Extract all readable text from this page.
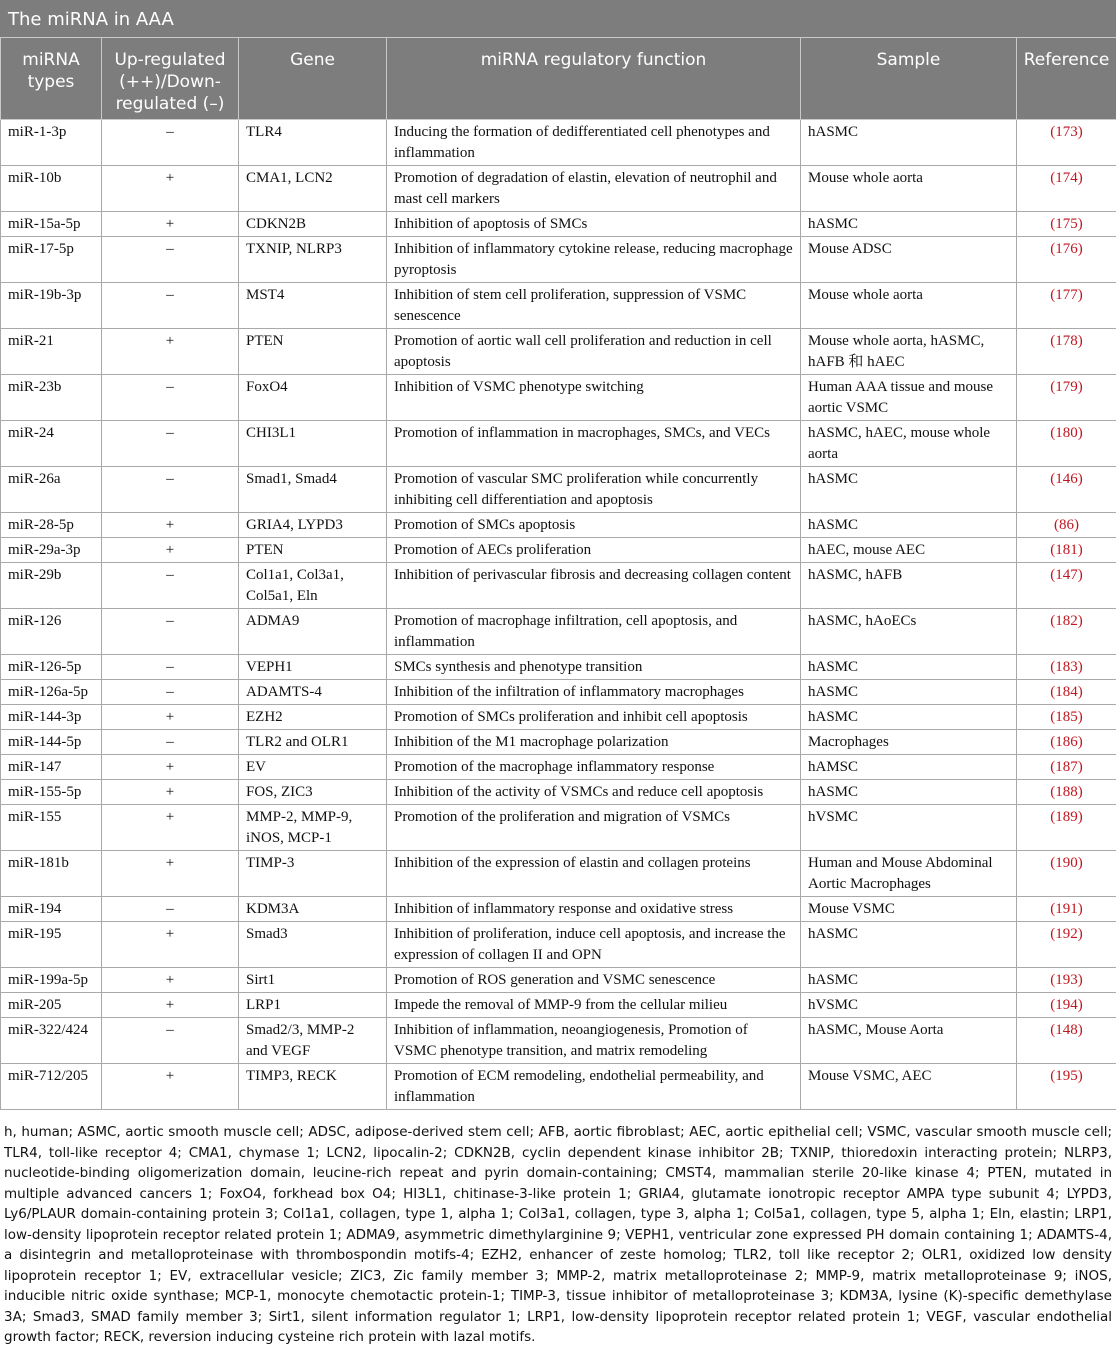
The miRNA in AAA
miRNA types	Up-regulated (++)/Down-regulated (–)	Gene	miRNA regulatory function	Sample	Reference
miR-1-3p	–	TLR4	Inducing the formation of dedifferentiated cell phenotypes and inflammation	hASMC	(173)
miR-10b	+	CMA1, LCN2	Promotion of degradation of elastin, elevation of neutrophil and mast cell markers	Mouse whole aorta	(174)
miR-15a-5p	+	CDKN2B	Inhibition of apoptosis of SMCs	hASMC	(175)
miR-17-5p	–	TXNIP, NLRP3	Inhibition of inflammatory cytokine release, reducing macrophage pyroptosis	Mouse ADSC	(176)
miR-19b-3p	–	MST4	Inhibition of stem cell proliferation, suppression of VSMC senescence	Mouse whole aorta	(177)
miR-21	+	PTEN	Promotion of aortic wall cell proliferation and reduction in cell apoptosis	Mouse whole aorta, hASMC, hAFB 和 hAEC	(178)
miR-23b	–	FoxO4	Inhibition of VSMC phenotype switching	Human AAA tissue and mouse aortic VSMC	(179)
miR-24	–	CHI3L1	Promotion of inflammation in macrophages, SMCs, and VECs	hASMC, hAEC, mouse whole aorta	(180)
miR-26a	–	Smad1, Smad4	Promotion of vascular SMC proliferation while concurrently inhibiting cell differentiation and apoptosis	hASMC	(146)
miR-28-5p	+	GRIA4, LYPD3	Promotion of SMCs apoptosis	hASMC	(86)
miR-29a-3p	+	PTEN	Promotion of AECs proliferation	hAEC, mouse AEC	(181)
miR-29b	–	Col1a1, Col3a1, Col5a1, Eln	Inhibition of perivascular fibrosis and decreasing collagen content	hASMC, hAFB	(147)
miR-126	–	ADMA9	Promotion of macrophage infiltration, cell apoptosis, and inflammation	hASMC, hAoECs	(182)
miR-126-5p	–	VEPH1	SMCs synthesis and phenotype transition	hASMC	(183)
miR-126a-5p	–	ADAMTS-4	Inhibition of the infiltration of inflammatory macrophages	hASMC	(184)
miR-144-3p	+	EZH2	Promotion of SMCs proliferation and inhibit cell apoptosis	hASMC	(185)
miR-144-5p	–	TLR2 and OLR1	Inhibition of the M1 macrophage polarization	Macrophages	(186)
miR-147	+	EV	Promotion of the macrophage inflammatory response	hAMSC	(187)
miR-155-5p	+	FOS, ZIC3	Inhibition of the activity of VSMCs and reduce cell apoptosis	hASMC	(188)
miR-155	+	MMP-2, MMP-9, iNOS, MCP-1	Promotion of the proliferation and migration of VSMCs	hVSMC	(189)
miR-181b	+	TIMP-3	Inhibition of the expression of elastin and collagen proteins	Human and Mouse Abdominal Aortic Macrophages	(190)
miR-194	–	KDM3A	Inhibition of inflammatory response and oxidative stress	Mouse VSMC	(191)
miR-195	+	Smad3	Inhibition of proliferation, induce cell apoptosis, and increase the expression of collagen II and OPN	hASMC	(192)
miR-199a-5p	+	Sirt1	Promotion of ROS generation and VSMC senescence	hASMC	(193)
miR-205	+	LRP1	Impede the removal of MMP-9 from the cellular milieu	hVSMC	(194)
miR-322/424	–	Smad2/3, MMP-2 and VEGF	Inhibition of inflammation, neoangiogenesis, Promotion of VSMC phenotype transition, and matrix remodeling	hASMC, Mouse Aorta	(148)
miR-712/205	+	TIMP3, RECK	Promotion of ECM remodeling, endothelial permeability, and inflammation	Mouse VSMC, AEC	(195)
h, human; ASMC, aortic smooth muscle cell; ADSC, adipose-derived stem cell; AFB, aortic fibroblast; AEC, aortic epithelial cell; VSMC, vascular smooth muscle cell; TLR4, toll-like receptor 4; CMA1, chymase 1; LCN2, lipocalin-2; CDKN2B, cyclin dependent kinase inhibitor 2B; TXNIP, thioredoxin interacting protein; NLRP3, nucleotide-binding oligomerization domain, leucine-rich repeat and pyrin domain-containing; CMST4, mammalian sterile 20-like kinase 4; PTEN, mutated in multiple advanced cancers 1; FoxO4, forkhead box O4; HI3L1, chitinase-3-like protein 1; GRIA4, glutamate ionotropic receptor AMPA type subunit 4; LYPD3, Ly6/PLAUR domain-containing protein 3; Col1a1, collagen, type 1, alpha 1; Col3a1, collagen, type 3, alpha 1; Col5a1, collagen, type 5, alpha 1; Eln, elastin; LRP1, low-density lipoprotein receptor related protein 1; ADMA9, asymmetric dimethylarginine 9; VEPH1, ventricular zone expressed PH domain containing 1; ADAMTS-4, a disintegrin and metalloproteinase with thrombospondin motifs-4; EZH2, enhancer of zeste homolog; TLR2, toll like receptor 2; OLR1, oxidized low density lipoprotein receptor 1; EV, extracellular vesicle; ZIC3, Zic family member 3; MMP-2, matrix metalloproteinase 2; MMP-9, matrix metalloproteinase 9; iNOS, inducible nitric oxide synthase; MCP-1, monocyte chemotactic protein-1; TIMP-3, tissue inhibitor of metalloproteinase 3; KDM3A, lysine (K)-specific demethylase 3A; Smad3, SMAD family member 3; Sirt1, silent information regulator 1; LRP1, low-density lipoprotein receptor related protein 1; VEGF, vascular endothelial growth factor; RECK, reversion inducing cysteine rich protein with lazal motifs.
